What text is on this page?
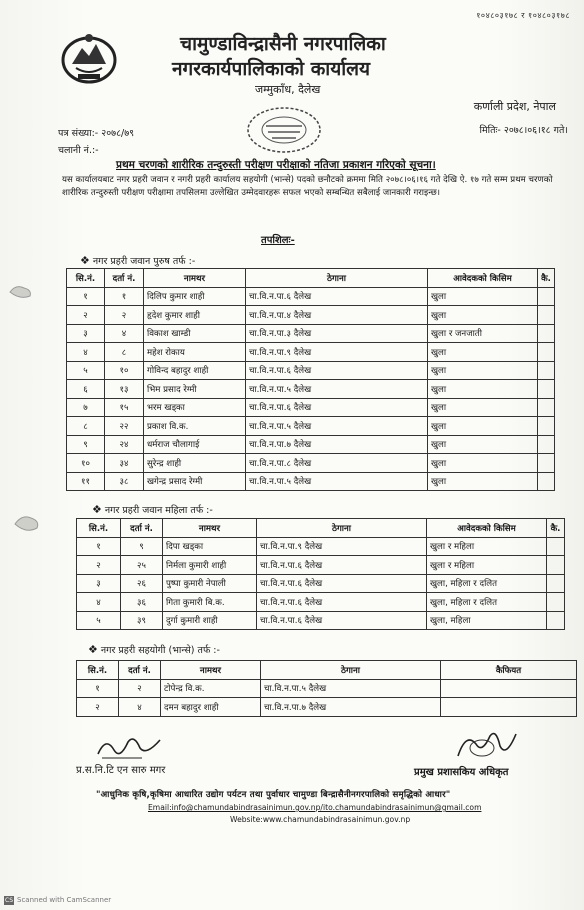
१०४८०३१७८ र १०४८०३१७८
चामुण्डाविन्द्रासैनी नगरपालिका
नगरकार्यपालिकाको कार्यालय
जम्मुकाँध, दैलेख
कर्णाली प्रदेश, नेपाल
पत्र संख्या:- २०७८/७९
चलानी नं.:-
मितिः- २०७८।०६।१८ गते।
प्रथम चरणको शारीरिक तन्दुरुस्ती परीक्षण परीक्षाको नतिजा प्रकाशन गरिएको सूचना।
यस कार्यालयबाट नगर प्रहरी जवान र नगरी प्रहरी कार्यालय सहयोगी (भान्से) पदको छनौटको क्रममा मिति २०७८।०६।१६ गते देखि ऐ. १७ गते सम्म प्रथम चरणको शारीरिक तन्दुरुस्ती परीक्षण परीक्षामा तपसिलमा उल्लेखित उम्मेदवारहरू सफल भएको सम्बन्धित सबैलाई जानकारी गराइन्छ।
तपशिलः-
❖ नगर प्रहरी जवान पुरुष तर्फ :-
सि.नं.	दर्ता नं.	नामथर	ठेगाना	आवेदकको किसिम	कै.
१	१	दिलिप कुमार शाही	चा.वि.न.पा.६ दैलेख	खुला	
२	२	हृदेश कुमार शाही	चा.वि.न.पा.४ दैलेख	खुला	
३	४	विकाश खाम्डी	चा.वि.न.पा.३ दैलेख	खुला र जनजाती	
४	८	महेश रोकाय	चा.वि.न.पा.९ दैलेख	खुला	
५	१०	गोविन्द बहादुर शाही	चा.वि.न.पा.६ दैलेख	खुला	
६	१३	भिम प्रसाद रेग्मी	चा.वि.न.पा.५ दैलेख	खुला	
७	१५	भरम खड्का	चा.वि.न.पा.६ दैलेख	खुला	
८	२२	प्रकाश वि.क.	चा.वि.न.पा.५ दैलेख	खुला	
९	२४	धर्मराज चौलागाई	चा.वि.न.पा.७ दैलेख	खुला	
१०	३४	सुरेन्द्र शाही	चा.वि.न.पा.८ दैलेख	खुला	
११	३८	खगेन्द्र प्रसाद रेग्मी	चा.वि.न.पा.५ दैलेख	खुला	
❖ नगर प्रहरी जवान महिला तर्फ :-
सि.नं.	दर्ता नं.	नामथर	ठेगाना	आवेदकको किसिम	कै.
१	९	दिपा खड्का	चा.वि.न.पा.९ दैलेख	खुला र महिला	
२	२५	निर्मला कुमारी शाही	चा.वि.न.पा.६ दैलेख	खुला र महिला	
३	२६	पुष्पा कुमारी नेपाली	चा.वि.न.पा.६ दैलेख	खुला, महिला र दलित	
४	३६	गिता कुमारी बि.क.	चा.वि.न.पा.६ दैलेख	खुला, महिला र दलित	
५	३९	दुर्गा कुमारी शाही	चा.वि.न.पा.६ दैलेख	खुला, महिला	
❖ नगर प्रहरी सहयोगी (भान्से) तर्फ :-
सि.नं.	दर्ता नं.	नामथर	ठेगाना	कैफियत
१	२	टोपेन्द्र वि.क.	चा.वि.न.पा.५ दैलेख	
२	४	दमन बहादुर शाही	चा.वि.न.पा.७ दैलेख	
प्र.स.नि.टि एन सारु मगर	प्रमुख प्रशासकिय अधिकृत
"आधुनिक कृषि,कृषिमा आधारित उद्योग पर्यटन तथा पुर्वाधार चामुण्डा बिन्द्रासैनीनगरपालिको समृद्धिको आधार"
Email:info@chamundabindrasainimun.gov.np/ito.chamundabindrasainimun@gmail.com
Website:www.chamundabindrasainimun.gov.np
CS Scanned with CamScanner
